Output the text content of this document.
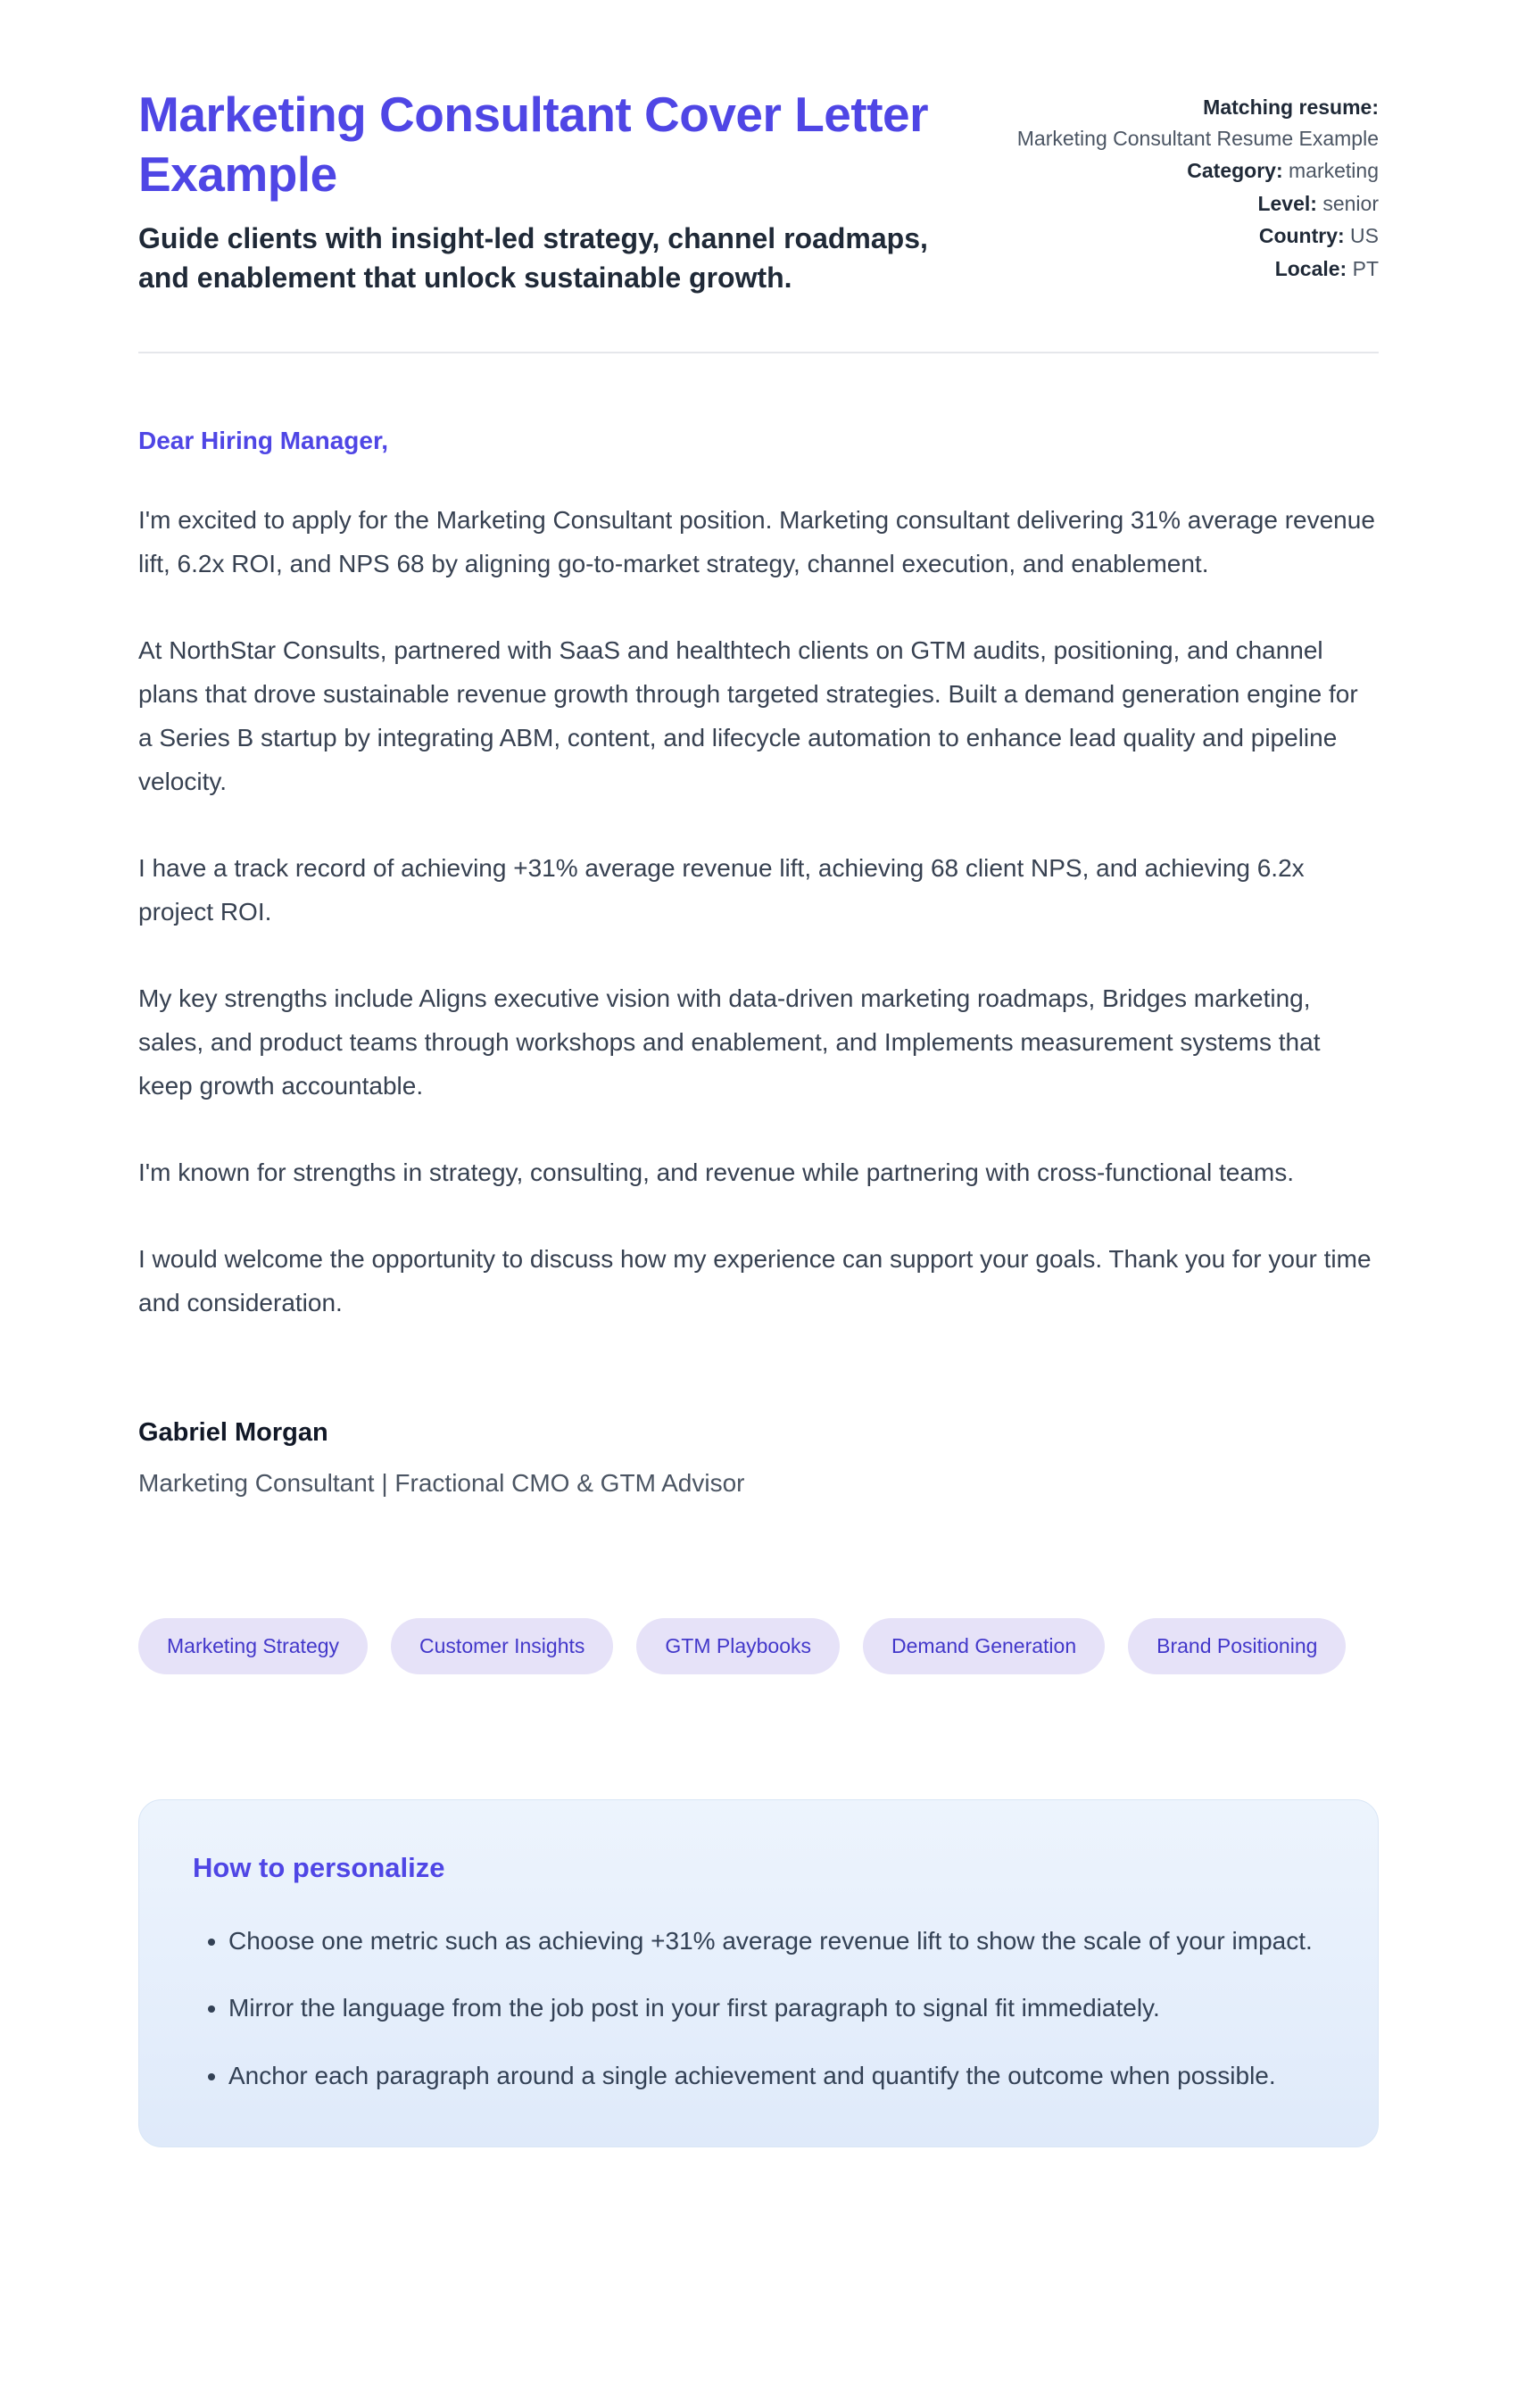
Marketing Consultant Cover Letter Example
Guide clients with insight-led strategy, channel roadmaps, and enablement that unlock sustainable growth.
Matching resume:
Marketing Consultant Resume Example
Category: marketing
Level: senior
Country: US
Locale: PT
Dear Hiring Manager,

I'm excited to apply for the Marketing Consultant position. Marketing consultant delivering 31% average revenue lift, 6.2x ROI, and NPS 68 by aligning go-to-market strategy, channel execution, and enablement.

At NorthStar Consults, partnered with SaaS and healthtech clients on GTM audits, positioning, and channel plans that drove sustainable revenue growth through targeted strategies. Built a demand generation engine for a Series B startup by integrating ABM, content, and lifecycle automation to enhance lead quality and pipeline velocity.

I have a track record of achieving +31% average revenue lift, achieving 68 client NPS, and achieving 6.2x project ROI.

My key strengths include Aligns executive vision with data-driven marketing roadmaps, Bridges marketing, sales, and product teams through workshops and enablement, and Implements measurement systems that keep growth accountable.

I'm known for strengths in strategy, consulting, and revenue while partnering with cross-functional teams.

I would welcome the opportunity to discuss how my experience can support your goals. Thank you for your time and consideration.

Gabriel Morgan
Marketing Consultant | Fractional CMO & GTM Advisor
Marketing Strategy	Customer Insights	GTM Playbooks	Demand Generation	Brand Positioning
How to personalize
• Choose one metric such as achieving +31% average revenue lift to show the scale of your impact.
• Mirror the language from the job post in your first paragraph to signal fit immediately.
• Anchor each paragraph around a single achievement and quantify the outcome when possible.
